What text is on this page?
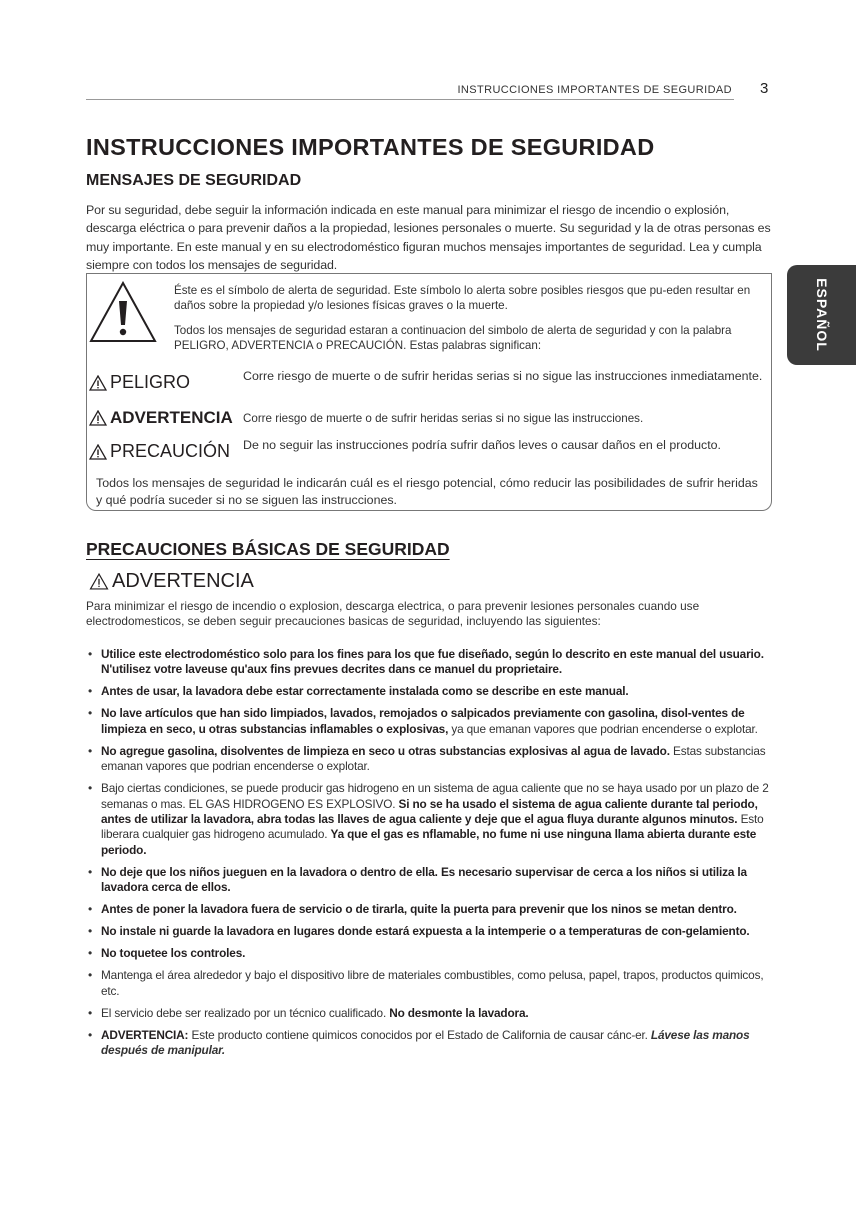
INSTRUCCIONES IMPORTANTES DE SEGURIDAD 3
ESPAÑOL
INSTRUCCIONES IMPORTANTES DE SEGURIDAD
MENSAJES DE SEGURIDAD

Por su seguridad, debe seguir la información indicada en este manual para minimizar el riesgo de incendio o explosión, descarga eléctrica o para prevenir daños a la propiedad, lesiones personales o muerte. Su seguridad y la de otras personas es muy importante. En este manual y en su electrodoméstico figuran muchos mensajes importantes de seguridad. Lea y cumpla siempre con todos los mensajes de seguridad.

Éste es el símbolo de alerta de seguridad. Este símbolo lo alerta sobre posibles riesgos que pu-eden resultar en daños sobre la propiedad y/o lesiones físicas graves o la muerte.

Todos los mensajes de seguridad estaran a continuacion del simbolo de alerta de seguridad y con la palabra PELIGRO, ADVERTENCIA o PRECAUCIÓN. Estas palabras significan:

PELIGRO	Corre riesgo de muerte o de sufrir heridas serias si no sigue las instrucciones inmediatamente.

ADVERTENCIA Corre riesgo de muerte o de sufrir heridas serias si no sigue las instrucciones.

PRECAUCIÓN De no seguir las instrucciones podría sufrir daños leves o causar daños en el producto.

Todos los mensajes de seguridad le indicarán cuál es el riesgo potencial, cómo reducir las posibilidades de sufrir heridas y qué podría suceder si no se siguen las instrucciones.

PRECAUCIONES BÁSICAS DE SEGURIDAD
ADVERTENCIA

Para minimizar el riesgo de incendio o explosion, descarga electrica, o para prevenir lesiones personales cuando use electrodomesticos, se deben seguir precauciones basicas de seguridad, incluyendo las siguientes:

• Utilice este electrodoméstico solo para los fines para los que fue diseñado, según lo descrito en este manual del usuario. N'utilisez votre laveuse qu'aux fins prevues decrites dans ce manuel du proprietaire.
• Antes de usar, la lavadora debe estar correctamente instalada como se describe en este manual.
• No lave artículos que han sido limpiados, lavados, remojados o salpicados previamente con gasolina, disol-ventes de limpieza en seco, u otras substancias inflamables o explosivas, ya que emanan vapores que podrian encenderse o explotar.
• No agregue gasolina, disolventes de limpieza en seco u otras substancias explosivas al agua de lavado. Estas substancias emanan vapores que podrian encenderse o explotar.
• Bajo ciertas condiciones, se puede producir gas hidrogeno en un sistema de agua caliente que no se haya usado por un plazo de 2 semanas o mas. EL GAS HIDROGENO ES EXPLOSIVO. Si no se ha usado el sistema de agua caliente durante tal periodo, antes de utilizar la lavadora, abra todas las llaves de agua caliente y deje que el agua fluya durante algunos minutos. Esto liberara cualquier gas hidrogeno acumulado. Ya que el gas es nflamable, no fume ni use ninguna llama abierta durante este periodo.
• No deje que los niños jueguen en la lavadora o dentro de ella. Es necesario supervisar de cerca a los niños si utiliza la lavadora cerca de ellos.
• Antes de poner la lavadora fuera de servicio o de tirarla, quite la puerta para prevenir que los ninos se metan dentro.
• No instale ni guarde la lavadora en lugares donde estará expuesta a la intemperie o a temperaturas de con-gelamiento.
• No toquetee los controles.
• Mantenga el área alrededor y bajo el dispositivo libre de materiales combustibles, como pelusa, papel, trapos, productos quimicos, etc.
• El servicio debe ser realizado por un técnico cualificado. No desmonte la lavadora.
• ADVERTENCIA: Este producto contiene quimicos conocidos por el Estado de California de causar cánc-er. Lávese las manos después de manipular.
